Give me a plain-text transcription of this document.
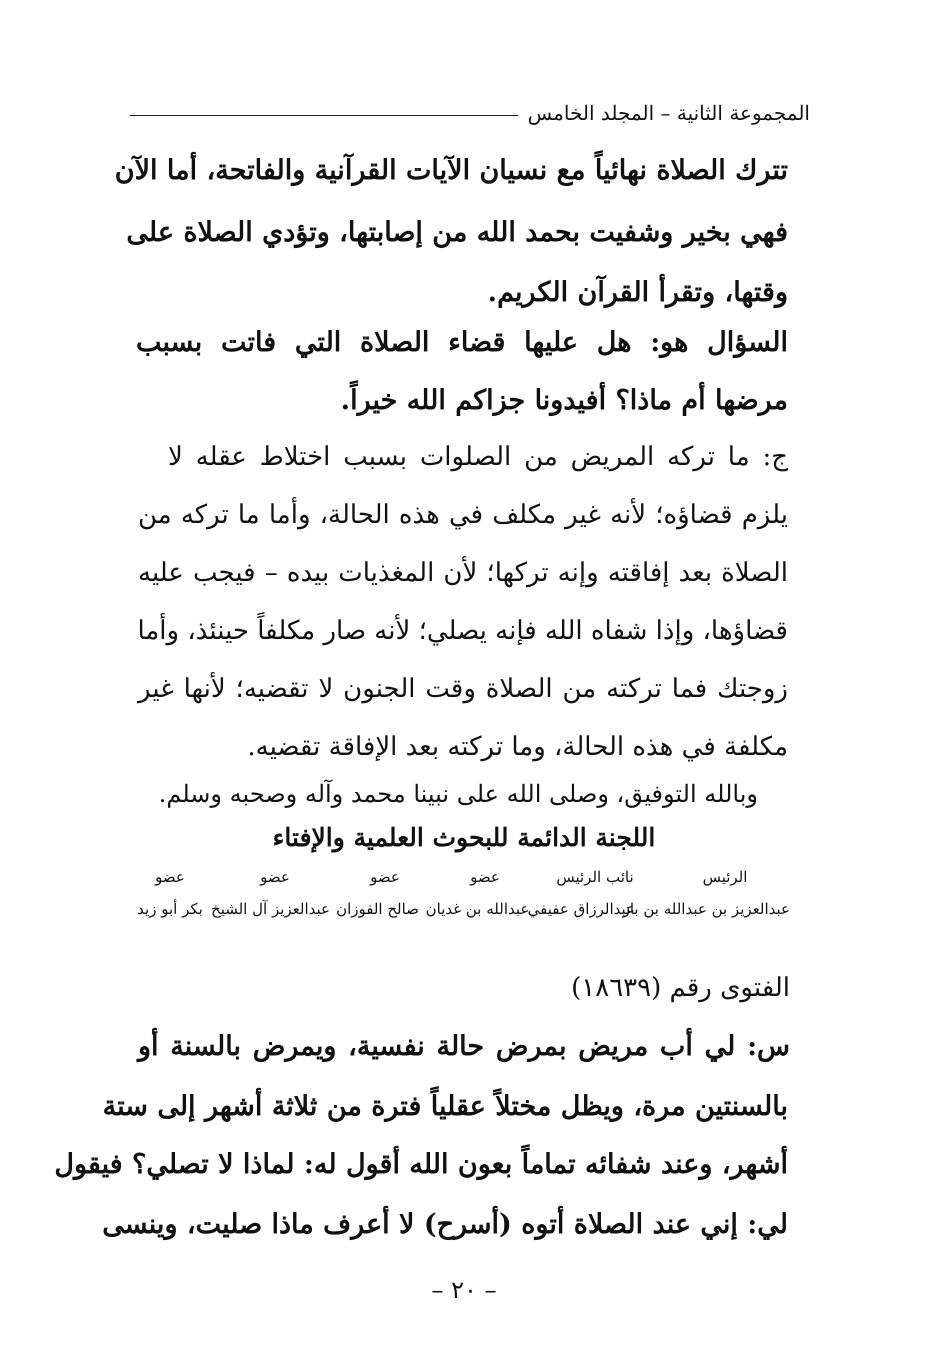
المجموعة الثانية – المجلد الخامس
تترك الصلاة نهائياً مع نسيان الآيات القرآنية والفاتحة، أما الآن
فهي بخير وشفيت بحمد الله من إصابتها، وتؤدي الصلاة على
وقتها، وتقرأ القرآن الكريم.
السؤال هو: هل عليها قضاء الصلاة التي فاتت بسبب
مرضها أم ماذا؟ أفيدونا جزاكم الله خيراً.
ج: ما تركه المريض من الصلوات بسبب اختلاط عقله لا
يلزم قضاؤه؛ لأنه غير مكلف في هذه الحالة، وأما ما تركه من
الصلاة بعد إفاقته وإنه تركها؛ لأن المغذيات بيده – فيجب عليه
قضاؤها، وإذا شفاه الله فإنه يصلي؛ لأنه صار مكلفاً حينئذ، وأما
زوجتك فما تركته من الصلاة وقت الجنون لا تقضيه؛ لأنها غير
مكلفة في هذه الحالة، وما تركته بعد الإفاقة تقضيه.
وبالله التوفيق، وصلى الله على نبينا محمد وآله وصحبه وسلم.
اللجنة الدائمة للبحوث العلمية والإفتاء
الرئيس
نائب الرئيس
عضو
عضو
عضو
عضو
عبدالعزيز بن عبدالله بن باز
عبدالرزاق عفيفي
عبدالله بن غديان
صالح الفوزان
عبدالعزيز آل الشيخ
بكر أبو زيد
الفتوى رقم (١٨٦٣٩)
س: لي أب مريض بمرض حالة نفسية، ويمرض بالسنة أو
بالسنتين مرة، ويظل مختلاً عقلياً فترة من ثلاثة أشهر إلى ستة
أشهر، وعند شفائه تماماً بعون الله أقول له: لماذا لا تصلي؟ فيقول
لي: إني عند الصلاة أتوه (أسرح) لا أعرف ماذا صليت، وينسى
– ٢٠ –
